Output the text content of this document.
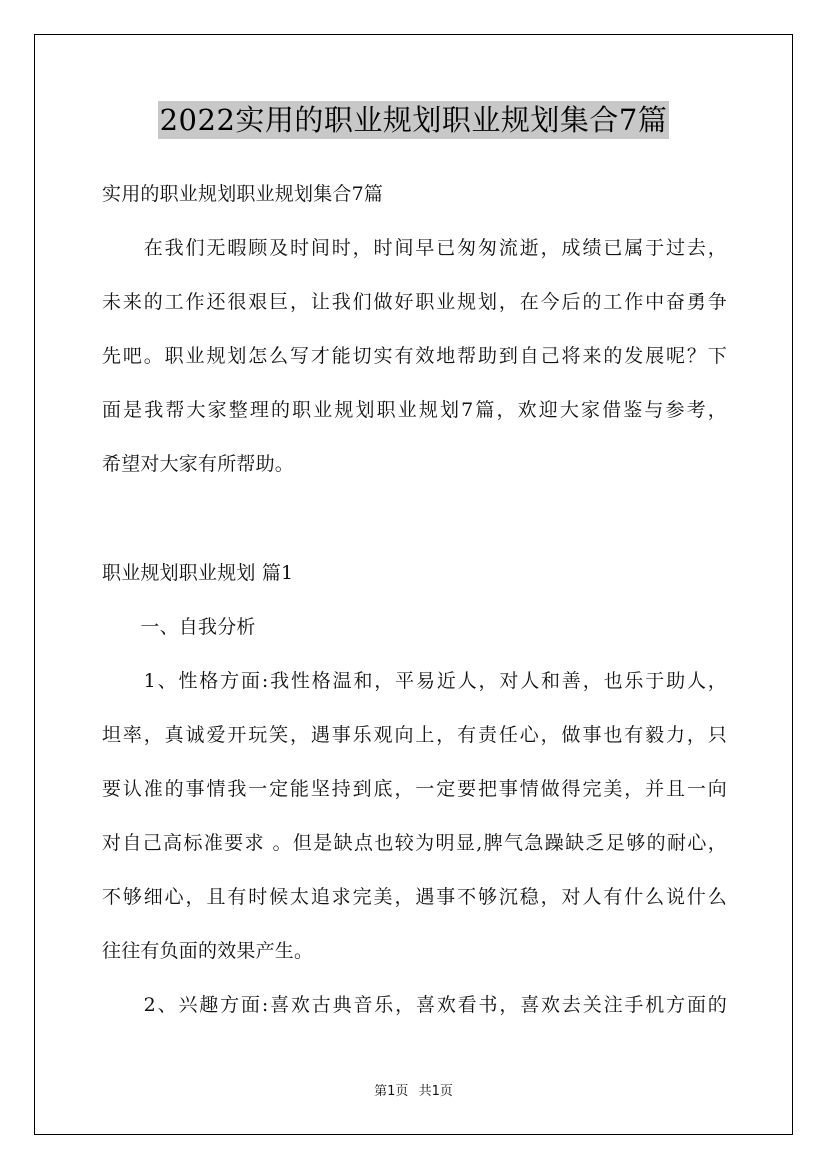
2022实用的职业规划职业规划集合7篇
实用的职业规划职业规划集合7篇
　　在我们无暇顾及时间时，时间早已匆匆流逝，成绩已属于过去，
未来的工作还很艰巨，让我们做好职业规划，在今后的工作中奋勇争
先吧。职业规划怎么写才能切实有效地帮助到自己将来的发展呢？下
面是我帮大家整理的职业规划职业规划7篇，欢迎大家借鉴与参考，
希望对大家有所帮助。
职业规划职业规划 篇1
　　一、自我分析
　　1、性格方面:我性格温和，平易近人，对人和善，也乐于助人，
坦率，真诚爱开玩笑，遇事乐观向上，有责任心，做事也有毅力，只
要认准的事情我一定能坚持到底，一定要把事情做得完美，并且一向
对自己高标准要求 。但是缺点也较为明显,脾气急躁缺乏足够的耐心，
不够细心，且有时候太追求完美，遇事不够沉稳，对人有什么说什么
往往有负面的效果产生。
　　2、兴趣方面:喜欢古典音乐，喜欢看书，喜欢去关注手机方面的
第1页 共1页
